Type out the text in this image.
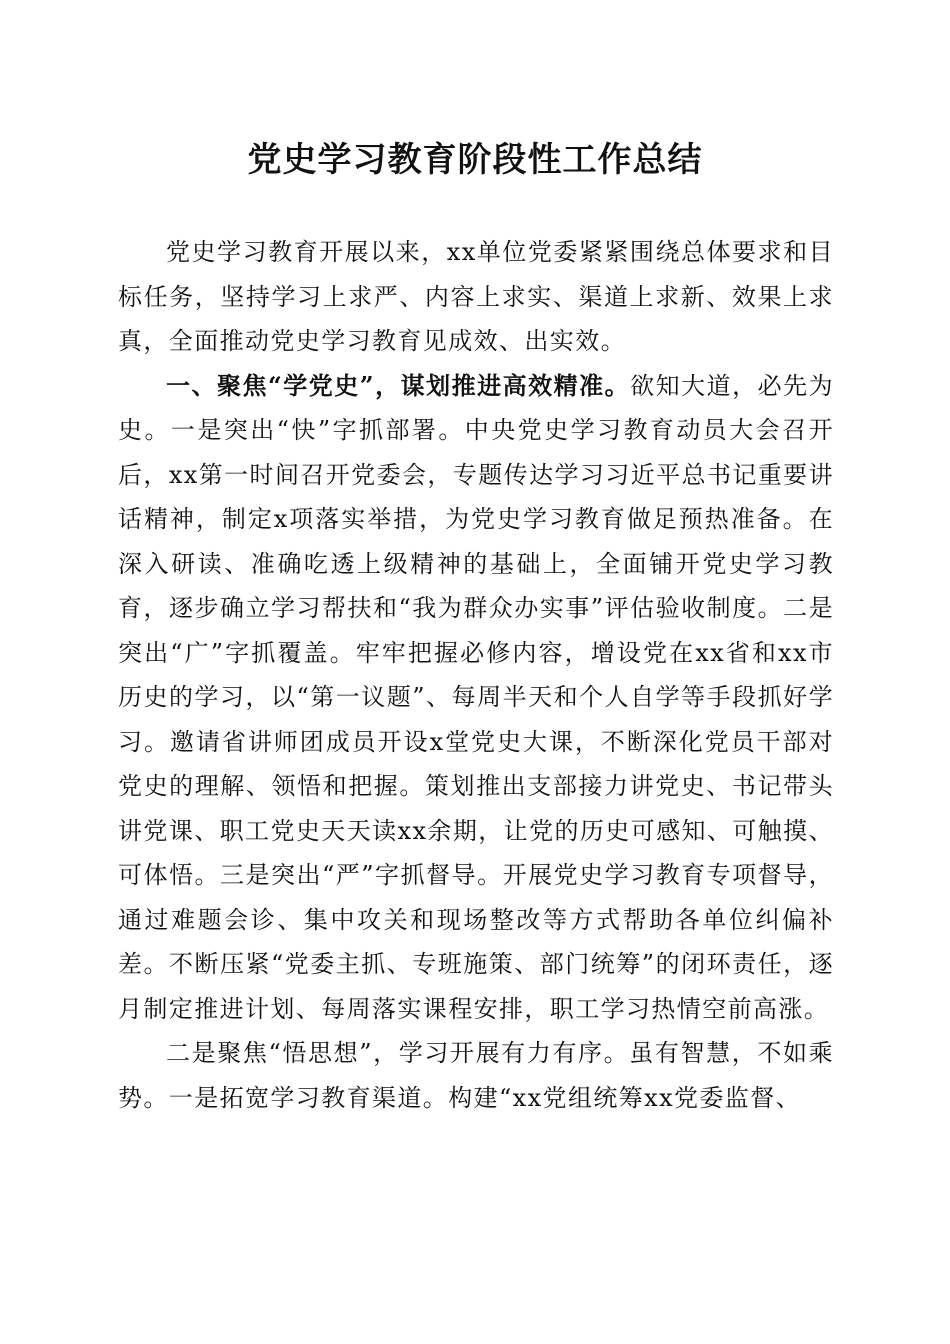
党史学习教育阶段性工作总结

党史学习教育开展以来，xx单位党委紧紧围绕总体要求和目标任务，坚持学习上求严、内容上求实、渠道上求新、效果上求真，全面推动党史学习教育见成效、出实效。

一、聚焦“学党史”，谋划推进高效精准。欲知大道，必先为史。一是突出“快”字抓部署。中央党史学习教育动员大会召开后，xx第一时间召开党委会，专题传达学习习近平总书记重要讲话精神，制定x项落实举措，为党史学习教育做足预热准备。在深入研读、准确吃透上级精神的基础上，全面铺开党史学习教育，逐步确立学习帮扶和“我为群众办实事”评估验收制度。二是突出“广”字抓覆盖。牢牢把握必修内容，增设党在xx省和xx市历史的学习，以“第一议题”、每周半天和个人自学等手段抓好学习。邀请省讲师团成员开设x堂党史大课，不断深化党员干部对党史的理解、领悟和把握。策划推出支部接力讲党史、书记带头讲党课、职工党史天天读xx余期，让党的历史可感知、可触摸、可体悟。三是突出“严”字抓督导。开展党史学习教育专项督导，通过难题会诊、集中攻关和现场整改等方式帮助各单位纠偏补差。不断压紧“党委主抓、专班施策、部门统筹”的闭环责任，逐月制定推进计划、每周落实课程安排，职工学习热情空前高涨。

二是聚焦“悟思想”，学习开展有力有序。虽有智慧，不如乘势。一是拓宽学习教育渠道。构建“xx党组统筹xx党委监督、
